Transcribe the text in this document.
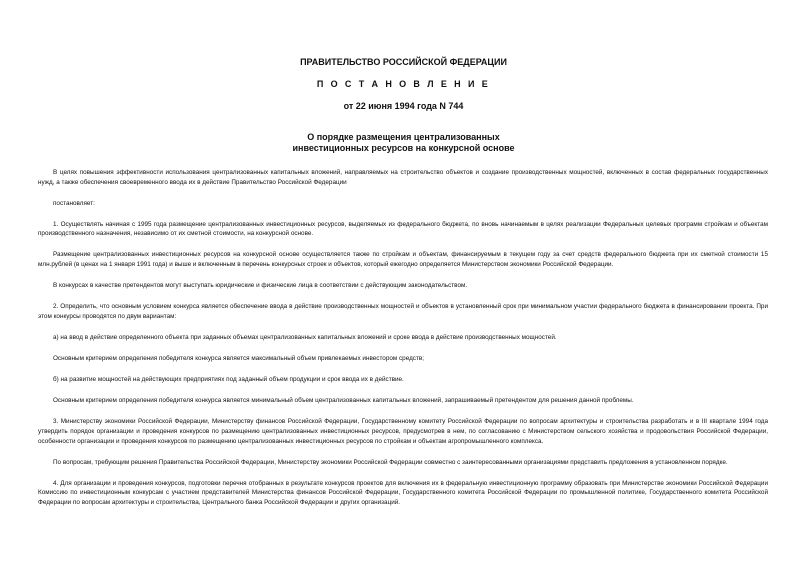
ПРАВИТЕЛЬСТВО РОССИЙСКОЙ ФЕДЕРАЦИИ
П О С Т А Н О В Л Е Н И Е
от 22 июня 1994 года N 744
О порядке размещения централизованных
инвестиционных ресурсов на конкурсной основе

В целях повышения эффективности использования централизованных капитальных вложений, направляемых на строительство объектов и создание производственных мощностей, включенных в состав федеральных государственных нужд, а также обеспечения своевременного ввода их в действие Правительство Российской Федерации

постановляет:

1. Осуществлять начиная с 1995 года размещение централизованных инвестиционных ресурсов, выделяемых из федерального бюджета, по вновь начинаемым в целях реализации Федеральных целевых программ стройкам и объектам производственного назначения, независимо от их сметной стоимости, на конкурсной основе.

Размещение централизованных инвестиционных ресурсов на конкурсной основе осуществляется также по стройкам и объектам, финансируемым в текущем году за счет средств федерального бюджета при их сметной стоимости 15 млн.рублей (в ценах на 1 января 1991 года) и выше и включенным в перечень конкурсных строек и объектов, который ежегодно определяется Министерством экономики Российской Федерации.

В конкурсах в качестве претендентов могут выступать юридические и физические лица в соответствии с действующим законодательством.

2. Определить, что основным условием конкурса является обеспечение ввода в действие производственных мощностей и объектов в установленный срок при минимальном участии федерального бюджета в финансировании проекта. При этом конкурсы проводятся по двум вариантам:

а) на ввод в действие определенного объекта при заданных объемах централизованных капитальных вложений и сроке ввода в действие производственных мощностей.

Основным критерием определения победителя конкурса является максимальный объем привлекаемых инвестором средств;

б) на развитие мощностей на действующих предприятиях под заданный объем продукции и срок ввода их в действие.

Основным критерием определения победителя конкурса является минимальный объем централизованных капитальных вложений, запрашиваемый претендентом для решения данной проблемы.

3. Министерству экономики Российской Федерации, Министерству финансов Российской Федерации, Государственному комитету Российской Федерации по вопросам архитектуры и строительства разработать и в III квартале 1994 года утвердить порядок организации и проведения конкурсов по размещению централизованных инвестиционных ресурсов, предусмотрев в нем, по согласованию с Министерством сельского хозяйства и продовольствия Российской Федерации, особенности организации и проведения конкурсов по размещению централизованных инвестиционных ресурсов по стройкам и объектам агропромышленного комплекса.

По вопросам, требующим решения Правительства Российской Федерации, Министерству экономики Российской Федерации совместно с заинтересованными организациями представить предложения в установленном порядке.

4. Для организации и проведения конкурсов, подготовки перечня отобранных в результате конкурсов проектов для включения их в федеральную инвестиционную программу образовать при Министерстве экономики Российской Федерации Комиссию по инвестиционным конкурсам с участием представителей Министерства финансов Российской Федерации, Государственного комитета Российской Федерации по промышленной политике, Государственного комитета Российской Федерации по вопросам архитектуры и строительства, Центрального банка Российской Федерации и других организаций.
